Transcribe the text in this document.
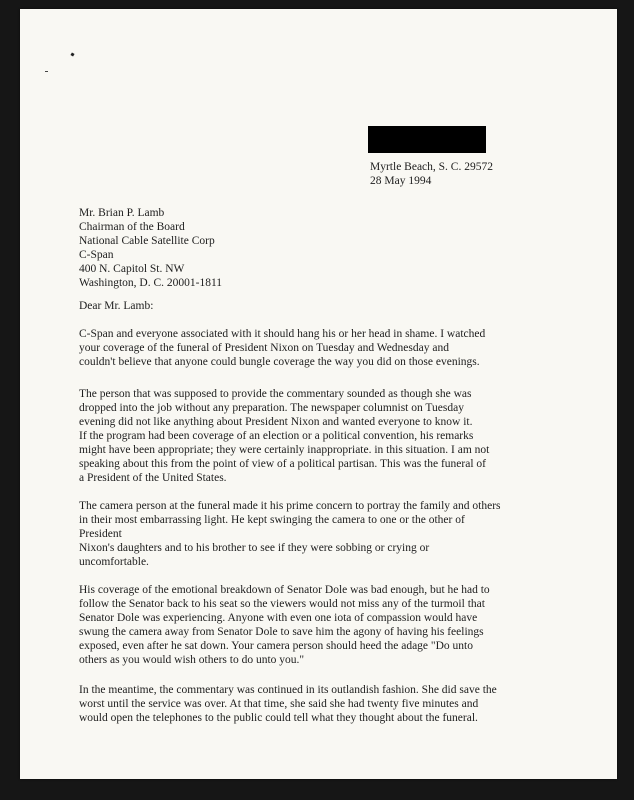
Myrtle Beach, S. C. 29572
28 May 1994
Mr. Brian P. Lamb
Chairman of the Board
National Cable Satellite Corp
C-Span
400 N. Capitol St. NW
Washington, D. C. 20001-1811
Dear Mr. Lamb:
C-Span and everyone associated with it should hang his or her head in shame. I watched
your coverage of the funeral of President Nixon on Tuesday and Wednesday and
couldn't believe that anyone could bungle coverage the way you did on those evenings.
The person that was supposed to provide the commentary sounded as though she was
dropped into the job without any preparation. The newspaper columnist on Tuesday
evening did not like anything about President Nixon and wanted everyone to know it.
If the program had been coverage of an election or a political convention, his remarks
might have been appropriate; they were certainly inappropriate. in this situation. I am not
speaking about this from the point of view of a political partisan. This was the funeral of
a President of the United States.
The camera person at the funeral made it his prime concern to portray the family and others
in their most embarrassing light. He kept swinging the camera to one or the other of
President
Nixon's daughters and to his brother to see if they were sobbing or crying or
uncomfortable.
His coverage of the emotional breakdown of Senator Dole was bad enough, but he had to
follow the Senator back to his seat so the viewers would not miss any of the turmoil that
Senator Dole was experiencing. Anyone with even one iota of compassion would have
swung the camera away from Senator Dole to save him the agony of having his feelings
exposed, even after he sat down. Your camera person should heed the adage "Do unto
others as you would wish others to do unto you."
In the meantime, the commentary was continued in its outlandish fashion. She did save the
worst until the service was over. At that time, she said she had twenty five minutes and
would open the telephones to the public could tell what they thought about the funeral.
